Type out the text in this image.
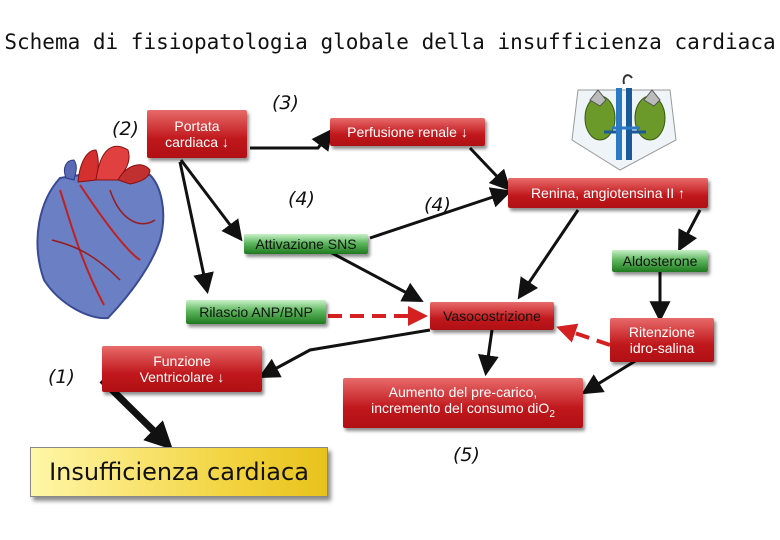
Schema di fisiopatologia globale della insufficienza cardiaca
(2)
(3)
(4)	(4)
(1)
(5)
Portata
cardiaca ↓
Perfusione renale
↓
Renina, angiotensina II
↑
Attivazione SNS
Aldosterone
Rilascio ANP/BNP	Vasocostrizione
Ritenzione
idro-salina
Funzione
Ventricolare ↓
Aumento del pre-carico,
incremento del consumo diO$_2$
Insufficienza cardiaca
